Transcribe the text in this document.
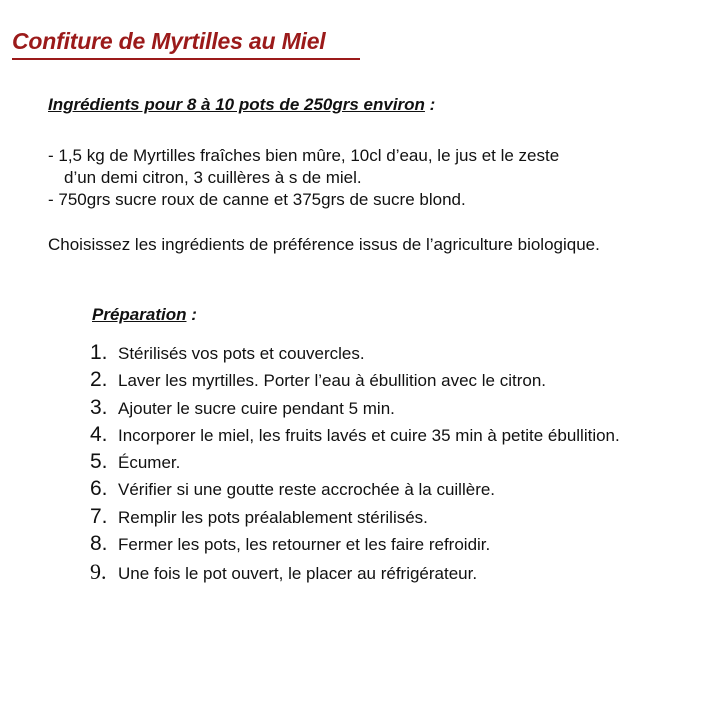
Confiture de Myrtilles au Miel
Ingrédients pour 8 à 10 pots de 250grs environ :
- 1,5 kg de Myrtilles fraîches bien mûre, 10cl d’eau, le jus et le zeste
d’un demi citron, 3 cuillères à s de miel.
- 750grs sucre roux de canne et 375grs de sucre blond.
Choisissez les ingrédients de préférence issus de l’agriculture biologique.
Préparation :
1. Stérilisés vos pots et couvercles.
2. Laver les myrtilles. Porter l’eau à ébullition avec le citron.
3. Ajouter le sucre cuire pendant 5 min.
4. Incorporer le miel, les fruits lavés et cuire 35 min à petite ébullition.
5. Écumer.
6. Vérifier si une goutte reste accrochée à la cuillère.
7. Remplir les pots préalablement stérilisés.
8. Fermer les pots, les retourner et les faire refroidir.
9. Une fois le pot ouvert, le placer au réfrigérateur.
